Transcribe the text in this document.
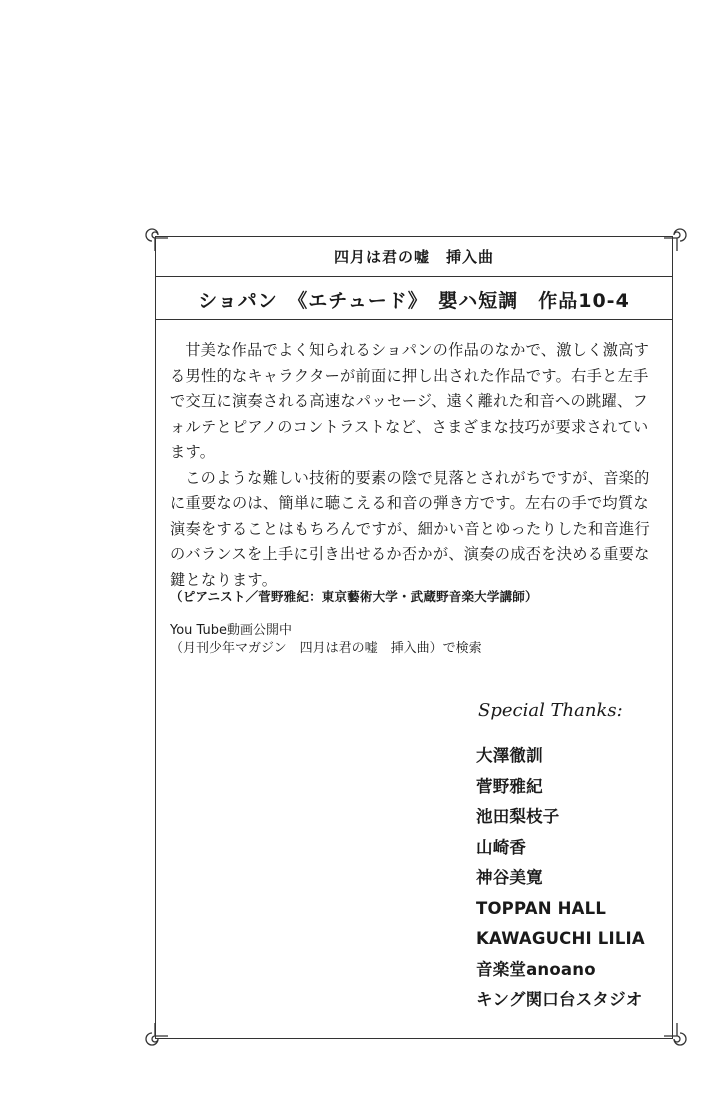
四月は君の嘘　挿入曲
ショパン　《エチュード》　嬰ハ短調　作品10-4

甘美な作品でよく知られるショパンの作品のなかで、激しく激高する男性的なキャラクターが前面に押し出された作品です。右手と左手で交互に演奏される高速なパッセージ、遠く離れた和音への跳躍、フォルテとピアノのコントラストなど、さまざまな技巧が要求されています。

このような難しい技術的要素の陰で見落とされがちですが、音楽的に重要なのは、簡単に聴こえる和音の弾き方です。左右の手で均質な演奏をすることはもちろんですが、細かい音とゆったりした和音進行のバランスを上手に引き出せるか否かが、演奏の成否を決める重要な鍵となります。

（ピアニスト／菅野雅紀：東京藝術大学・武蔵野音楽大学講師）
You Tube動画公開中
（月刊少年マガジン　四月は君の嘘　挿入曲）で検索
Special Thanks:
大澤徹訓
菅野雅紀
池田梨枝子
山崎香
神谷美寛
TOPPAN HALL
KAWAGUCHI LILIA
音楽堂anoano
キング関口台スタジオ
